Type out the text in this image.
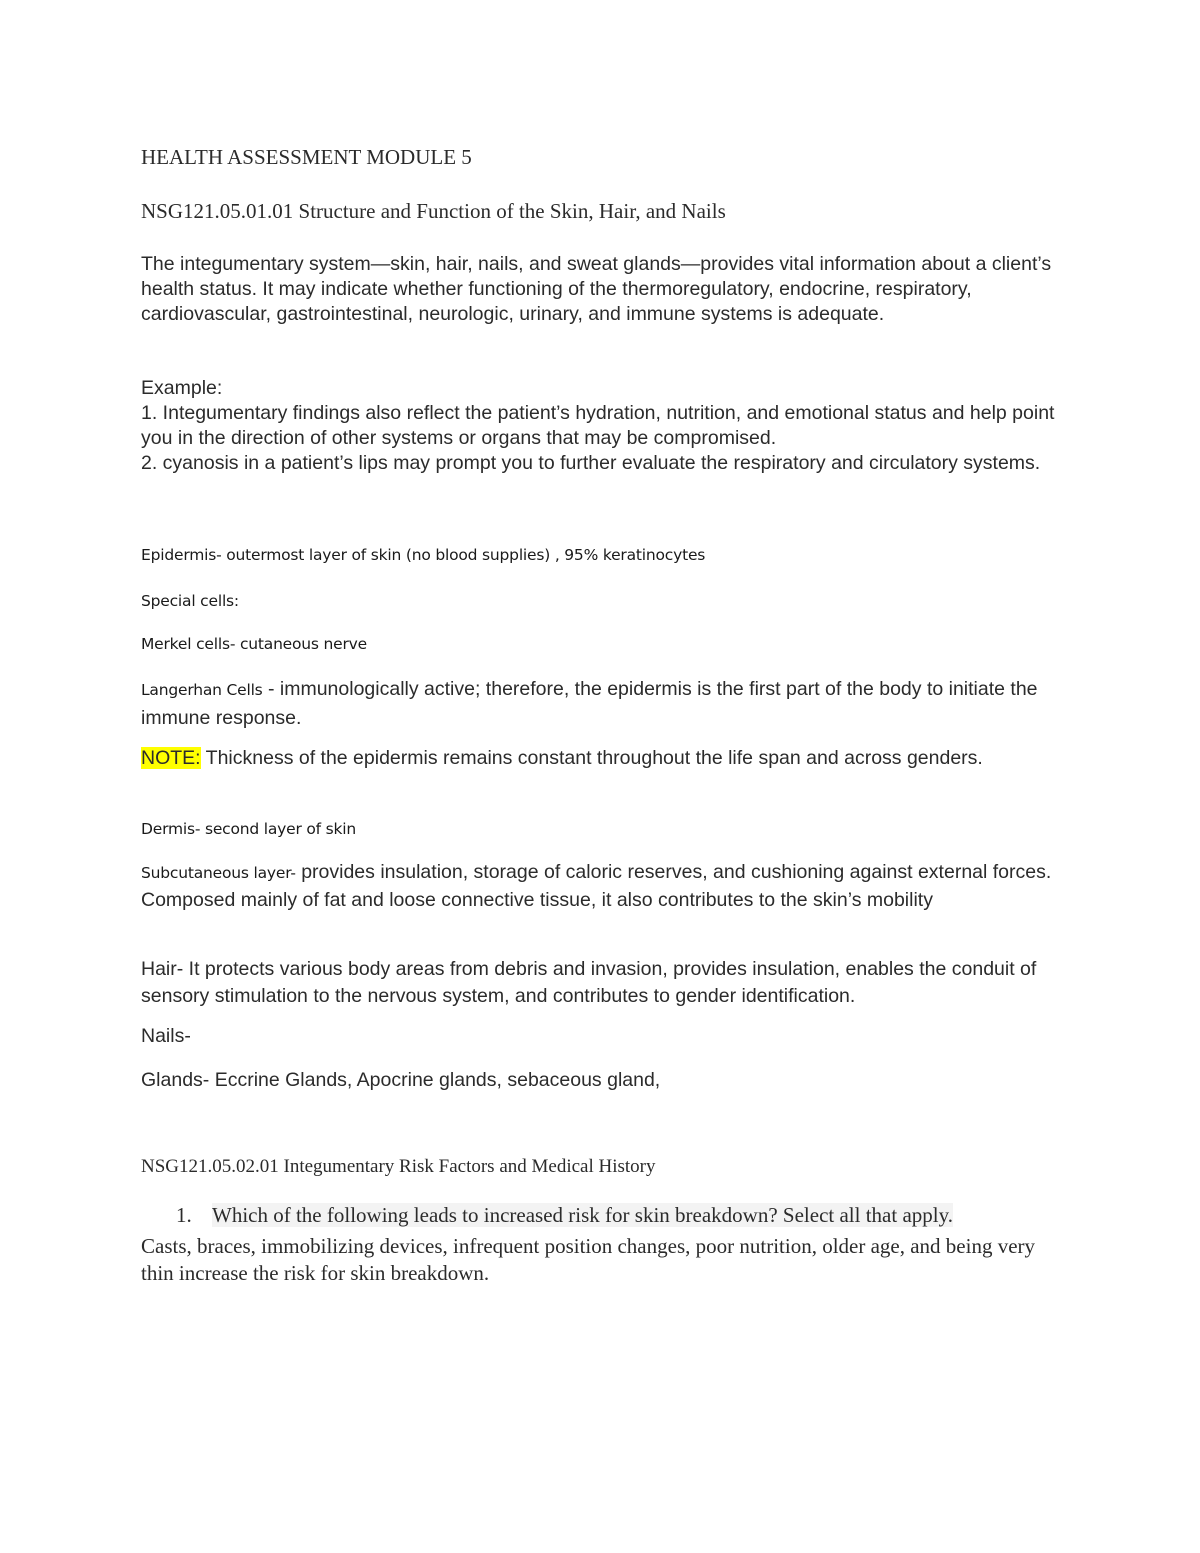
HEALTH ASSESSMENT MODULE 5

NSG121.05.01.01 Structure and Function of the Skin, Hair, and Nails

The integumentary system—skin, hair, nails, and sweat glands—provides vital information about a client’s health status. It may indicate whether functioning of the thermoregulatory, endocrine, respiratory, cardiovascular, gastrointestinal, neurologic, urinary, and immune systems is adequate.

Example:

1. Integumentary findings also reflect the patient’s hydration, nutrition, and emotional status and help point you in the direction of other systems or organs that may be compromised.

2. cyanosis in a patient’s lips may prompt you to further evaluate the respiratory and circulatory systems.

Epidermis- outermost layer of skin (no blood supplies) , 95% keratinocytes

Special cells:

Merkel cells- cutaneous nerve

Langerhan Cells - immunologically active; therefore, the epidermis is the first part of the body to initiate the immune response.

NOTE: Thickness of the epidermis remains constant throughout the life span and across genders.

Dermis- second layer of skin

Subcutaneous layer- provides insulation, storage of caloric reserves, and cushioning against external forces. Composed mainly of fat and loose connective tissue, it also contributes to the skin’s mobility

Hair- It protects various body areas from debris and invasion, provides insulation, enables the conduit of sensory stimulation to the nervous system, and contributes to gender identification.

Nails-

Glands- Eccrine Glands, Apocrine glands, sebaceous gland,

NSG121.05.02.01 Integumentary Risk Factors and Medical History

1. Which of the following leads to increased risk for skin breakdown? Select all that apply.

Casts, braces, immobilizing devices, infrequent position changes, poor nutrition, older age, and being very thin increase the risk for skin breakdown.
